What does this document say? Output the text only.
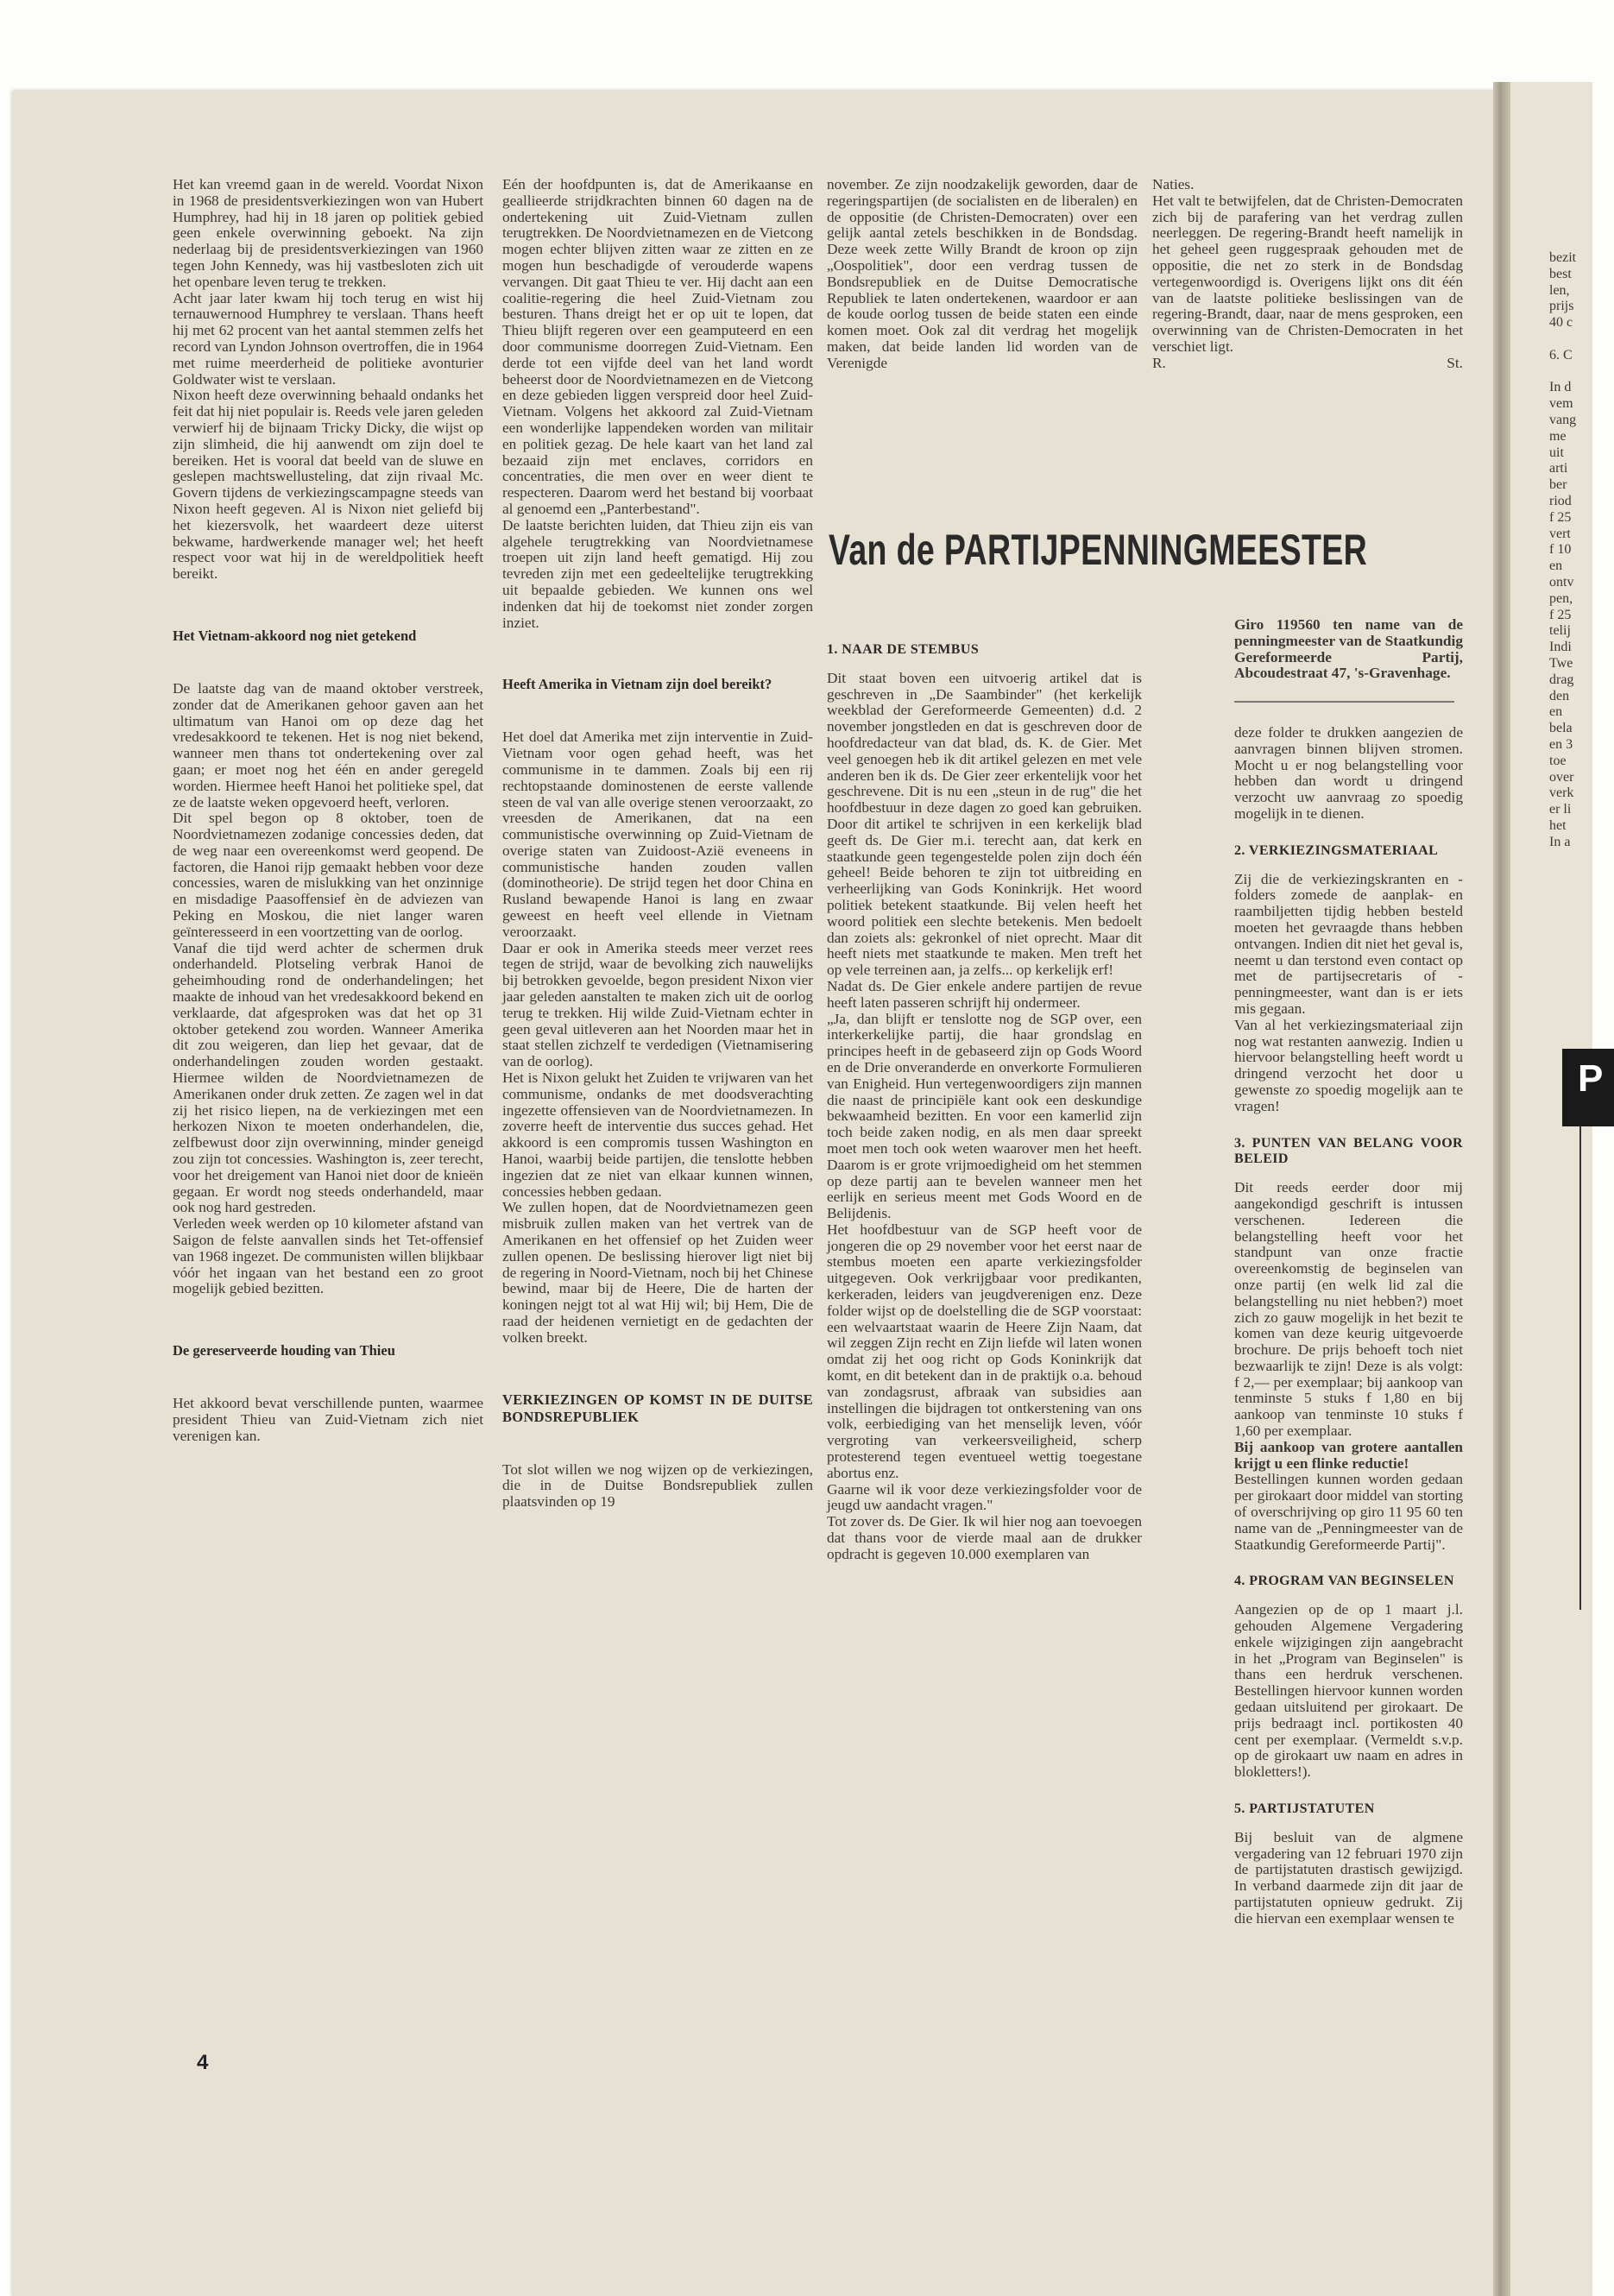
Het kan vreemd gaan in de wereld. Voordat Nixon in 1968 de presidentsverkiezingen won van Hubert Humphrey, had hij in 18 jaren op politiek gebied geen enkele overwinning geboekt. Na zijn nederlaag bij de presidentsverkiezingen van 1960 tegen John Kennedy, was hij vastbesloten zich uit het openbare leven terug te trekken.

Acht jaar later kwam hij toch terug en wist hij ternauwernood Humphrey te verslaan. Thans heeft hij met 62 procent van het aantal stemmen zelfs het record van Lyndon Johnson overtroffen, die in 1964 met ruime meerderheid de politieke avonturier Goldwater wist te verslaan.

Nixon heeft deze overwinning behaald ondanks het feit dat hij niet populair is. Reeds vele jaren geleden verwierf hij de bijnaam Tricky Dicky, die wijst op zijn slimheid, die hij aanwendt om zijn doel te bereiken. Het is vooral dat beeld van de sluwe en geslepen machtswellusteling, dat zijn rivaal Mc. Govern tijdens de verkiezingscampagne steeds van Nixon heeft gegeven. Al is Nixon niet geliefd bij het kiezersvolk, het waardeert deze uiterst bekwame, hardwerkende manager wel; het heeft respect voor wat hij in de wereldpolitiek heeft bereikt.

Het Vietnam-akkoord nog niet getekend

De laatste dag van de maand oktober verstreek, zonder dat de Amerikanen gehoor gaven aan het ultimatum van Hanoi om op deze dag het vredesakkoord te tekenen. Het is nog niet bekend, wanneer men thans tot ondertekening over zal gaan; er moet nog het één en ander geregeld worden. Hiermee heeft Hanoi het politieke spel, dat ze de laatste weken opgevoerd heeft, verloren.

Dit spel begon op 8 oktober, toen de Noordvietnamezen zodanige concessies deden, dat de weg naar een overeenkomst werd geopend. De factoren, die Hanoi rijp gemaakt hebben voor deze concessies, waren de mislukking van het onzinnige en misdadige Paasoffensief èn de adviezen van Peking en Moskou, die niet langer waren geïnteresseerd in een voortzetting van de oorlog.

Vanaf die tijd werd achter de schermen druk onderhandeld. Plotseling verbrak Hanoi de geheimhouding rond de onderhandelingen; het maakte de inhoud van het vredesakkoord bekend en verklaarde, dat afgesproken was dat het op 31 oktober getekend zou worden. Wanneer Amerika dit zou weigeren, dan liep het gevaar, dat de onderhandelingen zouden worden gestaakt. Hiermee wilden de Noordvietnamezen de Amerikanen onder druk zetten. Ze zagen wel in dat zij het risico liepen, na de verkiezingen met een herkozen Nixon te moeten onderhandelen, die, zelfbewust door zijn overwinning, minder geneigd zou zijn tot concessies. Washington is, zeer terecht, voor het dreigement van Hanoi niet door de knieën gegaan. Er wordt nog steeds onderhandeld, maar ook nog hard gestreden.

Verleden week werden op 10 kilometer afstand van Saigon de felste aanvallen sinds het Tet-offensief van 1968 ingezet. De communisten willen blijkbaar vóór het ingaan van het bestand een zo groot mogelijk gebied bezitten.

De gereserveerde houding van Thieu

Het akkoord bevat verschillende punten, waarmee president Thieu van Zuid-Vietnam zich niet verenigen kan.

Eén der hoofdpunten is, dat de Amerikaanse en geallieerde strijdkrachten binnen 60 dagen na de ondertekening uit Zuid-Vietnam zullen terugtrekken. De Noordvietnamezen en de Vietcong mogen echter blijven zitten waar ze zitten en ze mogen hun beschadigde of verouderde wapens vervangen. Dit gaat Thieu te ver. Hij dacht aan een coalitie-regering die heel Zuid-Vietnam zou besturen. Thans dreigt het er op uit te lopen, dat Thieu blijft regeren over een geamputeerd en een door communisme doorregen Zuid-Vietnam. Een derde tot een vijfde deel van het land wordt beheerst door de Noordvietnamezen en de Vietcong en deze gebieden liggen verspreid door heel Zuid-Vietnam. Volgens het akkoord zal Zuid-Vietnam een wonderlijke lappendeken worden van militair en politiek gezag. De hele kaart van het land zal bezaaid zijn met enclaves, corridors en concentraties, die men over en weer dient te respecteren. Daarom werd het bestand bij voorbaat al genoemd een „Panterbestand".

De laatste berichten luiden, dat Thieu zijn eis van algehele terugtrekking van Noordvietnamese troepen uit zijn land heeft gematigd. Hij zou tevreden zijn met een gedeeltelijke terugtrekking uit bepaalde gebieden. We kunnen ons wel indenken dat hij de toekomst niet zonder zorgen inziet.

Heeft Amerika in Vietnam zijn doel bereikt?

Het doel dat Amerika met zijn interventie in Zuid-Vietnam voor ogen gehad heeft, was het communisme in te dammen. Zoals bij een rij rechtopstaande dominostenen de eerste vallende steen de val van alle overige stenen veroorzaakt, zo vreesden de Amerikanen, dat na een communistische overwinning op Zuid-Vietnam de overige staten van Zuidoost-Azië eveneens in communistische handen zouden vallen (dominotheorie). De strijd tegen het door China en Rusland bewapende Hanoi is lang en zwaar geweest en heeft veel ellende in Vietnam veroorzaakt.

Daar er ook in Amerika steeds meer verzet rees tegen de strijd, waar de bevolking zich nauwelijks bij betrokken gevoelde, begon president Nixon vier jaar geleden aanstalten te maken zich uit de oorlog terug te trekken. Hij wilde Zuid-Vietnam echter in geen geval uitleveren aan het Noorden maar het in staat stellen zichzelf te verdedigen (Vietnamisering van de oorlog).

Het is Nixon gelukt het Zuiden te vrijwaren van het communisme, ondanks de met doodsverachting ingezette offensieven van de Noordvietnamezen. In zoverre heeft de interventie dus succes gehad. Het akkoord is een compromis tussen Washington en Hanoi, waarbij beide partijen, die tenslotte hebben ingezien dat ze niet van elkaar kunnen winnen, concessies hebben gedaan.

We zullen hopen, dat de Noordvietnamezen geen misbruik zullen maken van het vertrek van de Amerikanen en het offensief op het Zuiden weer zullen openen. De beslissing hierover ligt niet bij de regering in Noord-Vietnam, noch bij het Chinese bewind, maar bij de Heere, Die de harten der koningen nejgt tot al wat Hij wil; bij Hem, Die de raad der heidenen vernietigt en de gedachten der volken breekt.

VERKIEZINGEN OP KOMST IN DE DUITSE BONDSREPUBLIEK

Tot slot willen we nog wijzen op de verkiezingen, die in de Duitse Bondsrepubliek zullen plaatsvinden op 19

november. Ze zijn noodzakelijk geworden, daar de regeringspartijen (de socialisten en de liberalen) en de oppositie (de Christen-Democraten) over een gelijk aantal zetels beschikken in de Bondsdag. Deze week zette Willy Brandt de kroon op zijn „Oospolitiek", door een verdrag tussen de Bondsrepubliek en de Duitse Democratische Republiek te laten ondertekenen, waardoor er aan de koude oorlog tussen de beide staten een einde komen moet. Ook zal dit verdrag het mogelijk maken, dat beide landen lid worden van de Verenigde

Naties.

Het valt te betwijfelen, dat de Christen-Democraten zich bij de parafering van het verdrag zullen neerleggen. De regering-Brandt heeft namelijk in het geheel geen ruggespraak gehouden met de oppositie, die net zo sterk in de Bondsdag vertegenwoordigd is. Overigens lijkt ons dit één van de laatste politieke beslissingen van de regering-Brandt, daar, naar de mens gesproken, een overwinning van de Christen-Democraten in het verschiet ligt.

R.	St.
Van de PARTIJPENNINGMEESTER
1. NAAR DE STEMBUS

Dit staat boven een uitvoerig artikel dat is geschreven in „De Saambinder" (het kerkelijk weekblad der Gereformeerde Gemeenten) d.d. 2 november jongstleden en dat is geschreven door de hoofdredacteur van dat blad, ds. K. de Gier. Met veel genoegen heb ik dit artikel gelezen en met vele anderen ben ik ds. De Gier zeer erkentelijk voor het geschrevene. Dit is nu een „steun in de rug" die het hoofdbestuur in deze dagen zo goed kan gebruiken. Door dit artikel te schrijven in een kerkelijk blad geeft ds. De Gier m.i. terecht aan, dat kerk en staatkunde geen tegengestelde polen zijn doch één geheel! Beide behoren te zijn tot uitbreiding en verheerlijking van Gods Koninkrijk. Het woord politiek betekent staatkunde. Bij velen heeft het woord politiek een slechte betekenis. Men bedoelt dan zoiets als: gekronkel of niet oprecht. Maar dit heeft niets met staatkunde te maken. Men treft het op vele terreinen aan, ja zelfs... op kerkelijk erf!

Nadat ds. De Gier enkele andere partijen de revue heeft laten passeren schrijft hij ondermeer.

„Ja, dan blijft er tenslotte nog de SGP over, een interkerkelijke partij, die haar grondslag en principes heeft in de gebaseerd zijn op Gods Woord en de Drie onveranderde en onverkorte Formulieren van Enigheid. Hun vertegenwoordigers zijn mannen die naast de principiële kant ook een deskundige bekwaamheid bezitten. En voor een kamerlid zijn toch beide zaken nodig, en als men daar spreekt moet men toch ook weten waarover men het heeft. Daarom is er grote vrijmoedigheid om het stemmen op deze partij aan te bevelen wanneer men het eerlijk en serieus meent met Gods Woord en de Belijdenis.

Het hoofdbestuur van de SGP heeft voor de jongeren die op 29 november voor het eerst naar de stembus moeten een aparte verkiezingsfolder uitgegeven. Ook verkrijgbaar voor predikanten, kerkeraden, leiders van jeugdverenigen enz. Deze folder wijst op de doelstelling die de SGP voorstaat: een welvaartstaat waarin de Heere Zijn Naam, dat wil zeggen Zijn recht en Zijn liefde wil laten wonen omdat zij het oog richt op Gods Koninkrijk dat komt, en dit betekent dan in de praktijk o.a. behoud van zondagsrust, afbraak van subsidies aan instellingen die bijdragen tot ontkerstening van ons volk, eerbiediging van het menselijk leven, vóór vergroting van verkeersveiligheid, scherp protesterend tegen eventueel wettig toegestane abortus enz.

Gaarne wil ik voor deze verkiezingsfolder voor de jeugd uw aandacht vragen."

Tot zover ds. De Gier. Ik wil hier nog aan toevoegen dat thans voor de vierde maal aan de drukker opdracht is gegeven 10.000 exemplaren van

Giro 119560 ten name van de penningmeester van de Staatkundig Gereformeerde Partij, Abcoudestraat 47, 's-Gravenhage.

deze folder te drukken aangezien de aanvragen binnen blijven stromen. Mocht u er nog belangstelling voor hebben dan wordt u dringend verzocht uw aanvraag zo spoedig mogelijk in te dienen.

2. VERKIEZINGSMATERIAAL

Zij die de verkiezingskranten en -folders zomede de aanplak- en raambiljetten tijdig hebben besteld moeten het gevraagde thans hebben ontvangen. Indien dit niet het geval is, neemt u dan terstond even contact op met de partijsecretaris of -penningmeester, want dan is er iets mis gegaan.

Van al het verkiezingsmateriaal zijn nog wat restanten aanwezig. Indien u hiervoor belangstelling heeft wordt u dringend verzocht het door u gewenste zo spoedig mogelijk aan te vragen!

3. PUNTEN VAN BELANG VOOR BELEID

Dit reeds eerder door mij aangekondigd geschrift is intussen verschenen. Iedereen die belangstelling heeft voor het standpunt van onze fractie overeenkomstig de beginselen van onze partij (en welk lid zal die belangstelling nu niet hebben?) moet zich zo gauw mogelijk in het bezit te komen van deze keurig uitgevoerde brochure. De prijs behoeft toch niet bezwaarlijk te zijn! Deze is als volgt: f 2,— per exemplaar; bij aankoop van tenminste 5 stuks f 1,80 en bij aankoop van tenminste 10 stuks f 1,60 per exemplaar.

Bij aankoop van grotere aantallen krijgt u een flinke reductie!

Bestellingen kunnen worden gedaan per girokaart door middel van storting of overschrijving op giro 11 95 60 ten name van de „Penningmeester van de Staatkundig Gereformeerde Partij".

4. PROGRAM VAN BEGINSELEN

Aangezien op de op 1 maart j.l. gehouden Algemene Vergadering enkele wijzigingen zijn aangebracht in het „Program van Beginselen" is thans een herdruk verschenen. Bestellingen hiervoor kunnen worden gedaan uitsluitend per girokaart. De prijs bedraagt incl. portikosten 40 cent per exemplaar. (Vermeldt s.v.p. op de girokaart uw naam en adres in blokletters!).

5. PARTIJSTATUTEN

Bij besluit van de algmene vergadering van 12 februari 1970 zijn de partijstatuten drastisch gewijzigd. In verband daarmede zijn dit jaar de partijstatuten opnieuw gedrukt. Zij die hiervan een exemplaar wensen te

4
bezit
best
len,
prijs
40 c

6. C

In d
vem
vang
me
uit
arti
ber
riod
f 25
vert
f 10
en
ontv
pen,
f 25
telij
Indi
Twe
drag
den
en
bela
en 3
toe
over
verk
er li
het
In a
P
